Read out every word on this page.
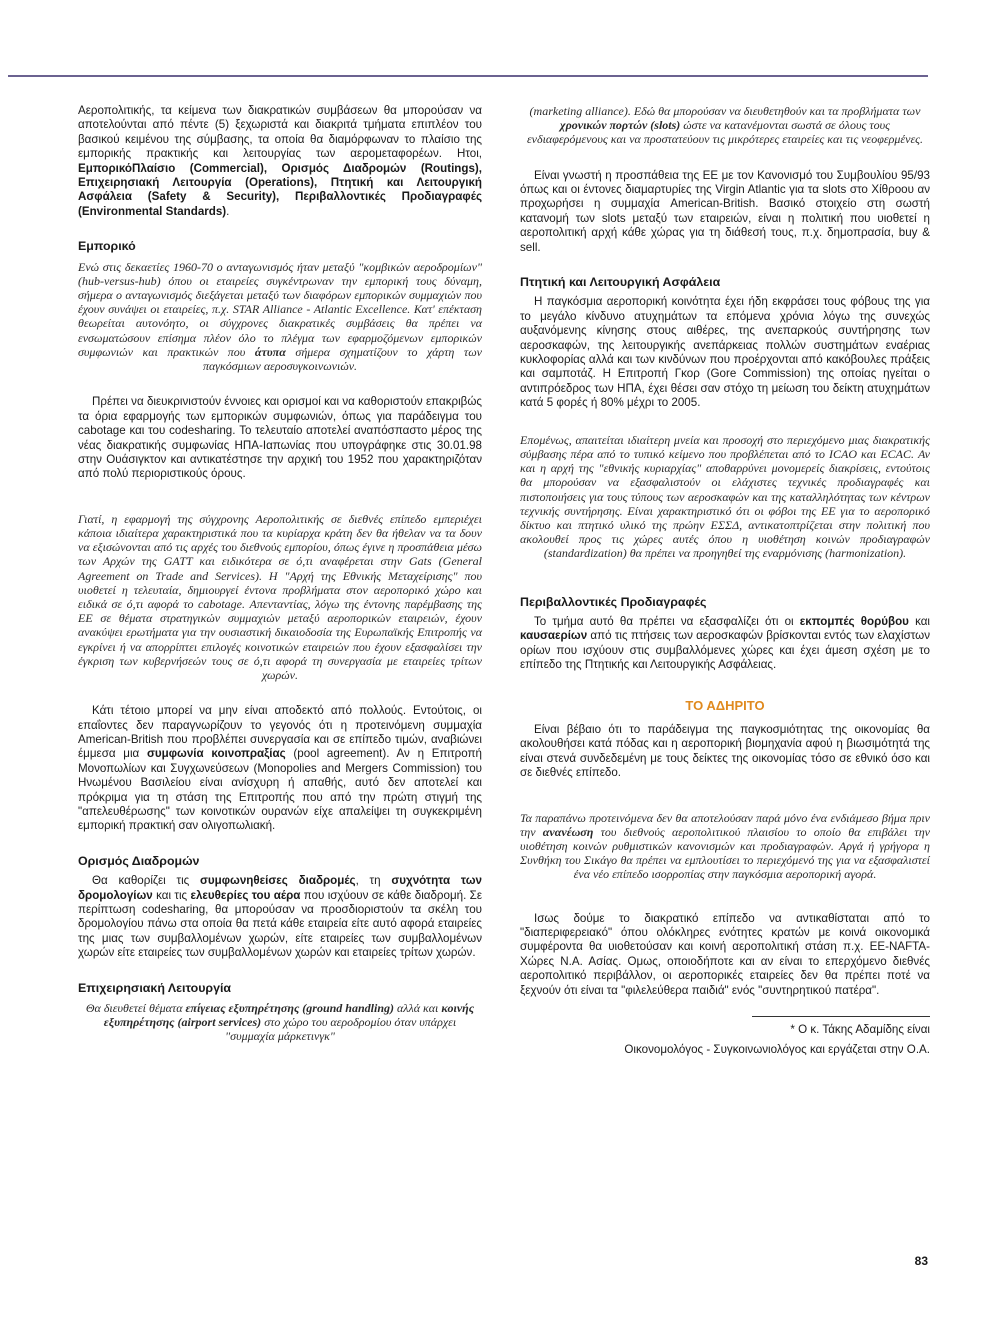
Αεροπολιτικής, τα κείμενα των διακρατικών συμβάσεων θα μπορούσαν να αποτελούνται από πέντε (5) ξεχωριστά και διακριτά τμήματα επιπλέον του βασικού κειμένου της σύμβασης, τα οποία θα διαμόρφωναν το πλαίσιο της εμπορικής πρακτικής και λειτουργίας των αερομεταφορέων. Ητοι, ΕμπορικόΠλαίσιο (Commercial), Ορισμός Διαδρομών (Routings), Επιχειρησιακή Λειτουργία (Operations), Πτητική και Λειτουργική Ασφάλεια (Safety & Security), Περιβαλλοντικές Προδιαγραφές (Environmental Standards).

Εμπορικό

Ενώ στις δεκαετίες 1960-70 ο ανταγωνισμός ήταν μεταξύ "κομβικών αεροδρομίων" (hub-versus-hub) όπου οι εταιρείες συγκέντρωναν την εμπορική τους δύναμη, σήμερα ο ανταγωνισμός διεξάγεται μεταξύ των διαφόρων εμπορικών συμμαχιών που έχουν συνάψει οι εταιρείες, π.χ. STAR Alliance - Atlantic Excellence. Κατ' επέκταση θεωρείται αυτονόητο, οι σύγχρονες διακρατικές συμβάσεις θα πρέπει να ενσωματώσουν επίσημα πλέον όλο το πλέγμα των εφαρμοζόμενων εμπορικών συμφωνιών και πρακτικών που άτυπα σήμερα σχηματίζουν το χάρτη των παγκόσμιων αεροσυγκοινωνιών.

Πρέπει να διευκρινιστούν έννοιες και ορισμοί και να καθοριστούν επακριβώς τα όρια εφαρμογής των εμπορικών συμφωνιών, όπως για παράδειγμα του cabotage και του codesharing. Το τελευταίο αποτελεί αναπόσπαστο μέρος της νέας διακρατικής συμφωνίας ΗΠΑ-Ιαπωνίας που υπογράφηκε στις 30.01.98 στην Ουάσιγκτον και αντικατέστησε την αρχική του 1952 που χαρακτηριζόταν από πολύ περιοριστικούς όρους.

Γιατί, η εφαρμογή της σύγχρονης Αεροπολιτικής σε διεθνές επίπεδο εμπεριέχει κάποια ιδιαίτερα χαρακτηριστικά που τα κυρίαρχα κράτη δεν θα ήθελαν να τα δουν να εξισώνονται από τις αρχές του διεθνούς εμπορίου, όπως έγινε η προσπάθεια μέσω των Αρχών της GATT και ειδικότερα σε ό,τι αναφέρεται στην Gats (General Agreement on Trade and Services). Η "Αρχή της Εθνικής Μεταχείρισης" που υιοθετεί η τελευταία, δημιουργεί έντονα προβλήματα στον αεροπορικό χώρο και ειδικά σε ό,τι αφορά το cabotage. Απενταντίας, λόγω της έντονης παρέμβασης της ΕΕ σε θέματα στρατηγικών συμμαχιών μεταξύ αεροπορικών εταιρειών, έχουν ανακύψει ερωτήματα για την ουσιαστική δικαιοδοσία της Ευρωπαϊκής Επιτροπής να εγκρίνει ή να απορρίπτει επιλογές κοινοτικών εταιρειών που έχουν εξασφαλίσει την έγκριση των κυβερνήσεών τους σε ό,τι αφορά τη συνεργασία με εταιρείες τρίτων χωρών.

Κάτι τέτοιο μπορεί να μην είναι αποδεκτό από πολλούς. Εντούτοις, οι επαΐοντες δεν παραγνωρίζουν το γεγονός ότι η προτεινόμενη συμμαχία American-British που προβλέπει συνεργασία και σε επίπεδο τιμών, αναβιώνει έμμεσα μια συμφωνία κοινοπραξίας (pool agreement). Αν η Επιτροπή Μονοπωλίων και Συγχωνεύσεων (Monopolies and Mergers Commission) του Ηνωμένου Βασιλείου είναι ανίσχυρη ή απαθής, αυτό δεν αποτελεί και πρόκριμα για τη στάση της Επιτροπής που από την πρώτη στιγμή της "απελευθέρωσης" των κοινοτικών ουρανών είχε απαλείψει τη συγκεκριμένη εμπορική πρακτική σαν ολιγοπωλιακή.

Ορισμός Διαδρομών

Θα καθορίζει τις συμφωνηθείσες διαδρομές, τη συχνότητα των δρομολογίων και τις ελευθερίες του αέρα που ισχύουν σε κάθε διαδρομή. Σε περίπτωση codesharing, θα μπορούσαν να προσδιοριστούν τα σκέλη του δρομολογίου πάνω στα οποία θα πετά κάθε εταιρεία είτε αυτό αφορά εταιρείες της μιας των συμβαλλομένων χωρών, είτε εταιρείες των συμβαλλομένων χωρών είτε εταιρείες των συμβαλλομένων χωρών και εταιρείες τρίτων χωρών.

Επιχειρησιακή Λειτουργία

Θα διευθετεί θέματα επίγειας εξυπηρέτησης (ground handling) αλλά και κοινής εξυπηρέτησης (airport services) στο χώρο του αεροδρομίου όταν υπάρχει "συμμαχία μάρκετινγκ"

(marketing alliance). Εδώ θα μπορούσαν να διευθετηθούν και τα προβλήματα των χρονικών πορτών (slots) ώστε να κατανέμονται σωστά σε όλους τους ενδιαφερόμενους και να προστατεύουν τις μικρότερες εταιρείες και τις νεοφερμένες.

Είναι γνωστή η προσπάθεια της ΕΕ με τον Κανονισμό του Συμβουλίου 95/93 όπως και οι έντονες διαμαρτυρίες της Virgin Atlantic για τα slots στο Χίθροου αν προχωρήσει η συμμαχία American-British. Βασικό στοιχείο στη σωστή κατανομή των slots μεταξύ των εταιρειών, είναι η πολιτική που υιοθετεί η αεροπολιτική αρχή κάθε χώρας για τη διάθεσή τους, π.χ. δημοπρασία, buy & sell.

Πτητική και Λειτουργική Ασφάλεια

Η παγκόσμια αεροπορική κοινότητα έχει ήδη εκφράσει τους φόβους της για το μεγάλο κίνδυνο ατυχημάτων τα επόμενα χρόνια λόγω της συνεχώς αυξανόμενης κίνησης στους αιθέρες, της ανεπαρκούς συντήρησης των αεροσκαφών, της λειτουργικής ανεπάρκειας πολλών συστημάτων εναέριας κυκλοφορίας αλλά και των κινδύνων που προέρχονται από κακόβουλες πράξεις και σαμποτάζ. Η Επιτροπή Γκορ (Gore Commission) της οποίας ηγείται ο αντιπρόεδρος των ΗΠΑ, έχει θέσει σαν στόχο τη μείωση του δείκτη ατυχημάτων κατά 5 φορές ή 80% μέχρι το 2005.

Επομένως, απαιτείται ιδιαίτερη μνεία και προσοχή στο περιεχόμενο μιας διακρατικής σύμβασης πέρα από το τυπικό κείμενο που προβλέπεται από το ICAO και ECAC. Αν και η αρχή της "εθνικής κυριαρχίας" αποθαρρύνει μονομερείς διακρίσεις, εντούτοις θα μπορούσαν να εξασφαλιστούν οι ελάχιστες τεχνικές προδιαγραφές και πιστοποιήσεις για τους τύπους των αεροσκαφών και της καταλληλότητας των κέντρων τεχνικής συντήρησης. Είναι χαρακτηριστικό ότι οι φόβοι της ΕΕ για το αεροπορικό δίκτυο και πτητικό υλικό της πρώην ΕΣΣΔ, αντικατοπτρίζεται στην πολιτική που ακολουθεί προς τις χώρες αυτές όπου η υιοθέτηση κοινών προδιαγραφών (standardization) θα πρέπει να προηγηθεί της εναρμόνισης (harmonization).

Περιβαλλοντικές Προδιαγραφές

Το τμήμα αυτό θα πρέπει να εξασφαλίζει ότι οι εκπομπές θορύβου και καυσαερίων από τις πτήσεις των αεροσκαφών βρίσκονται εντός των ελαχίστων ορίων που ισχύουν στις συμβαλλόμενες χώρες και έχει άμεση σχέση με το επίπεδο της Πτητικής και Λειτουργικής Ασφάλειας.

ΤΟ ΑΔΗΡΙΤΟ

Είναι βέβαιο ότι το παράδειγμα της παγκοσμιότητας της οικονομίας θα ακολουθήσει κατά πόδας και η αεροπορική βιομηχανία αφού η βιωσιμότητά της είναι στενά συνδεδεμένη με τους δείκτες της οικονομίας τόσο σε εθνικό όσο και σε διεθνές επίπεδο.

Τα παραπάνω προτεινόμενα δεν θα αποτελούσαν παρά μόνο ένα ενδιάμεσο βήμα πριν την ανανέωση του διεθνούς αεροπολιτικού πλαισίου το οποίο θα επιβάλει την υιοθέτηση κοινών ρυθμιστικών κανονισμών και προδιαγραφών. Αργά ή γρήγορα η Συνθήκη του Σικάγο θα πρέπει να εμπλουτίσει το περιεχόμενό της για να εξασφαλιστεί ένα νέο επίπεδο ισορροπίας στην παγκόσμια αεροπορική αγορά.

Ισως δούμε το διακρατικό επίπεδο να αντικαθίσταται από το "διαπεριφερειακό" όπου ολόκληρες ενότητες κρατών με κοινά οικονομικά συμφέροντα θα υιοθετούσαν και κοινή αεροπολιτική στάση π.χ. ΕΕ-NAFTA-Χώρες Ν.Α. Ασίας. Ομως, οποιοδήποτε και αν είναι το επερχόμενο διεθνές αεροπολιτικό περιβάλλον, οι αεροπορικές εταιρείες δεν θα πρέπει ποτέ να ξεχνούν ότι είναι τα "φιλελεύθερα παιδιά" ενός "συντηρητικού πατέρα".

* Ο κ. Τάκης Αδαμίδης είναι

Οικονομολόγος - Συγκοινωνιολόγος και εργάζεται στην Ο.Α.

83
